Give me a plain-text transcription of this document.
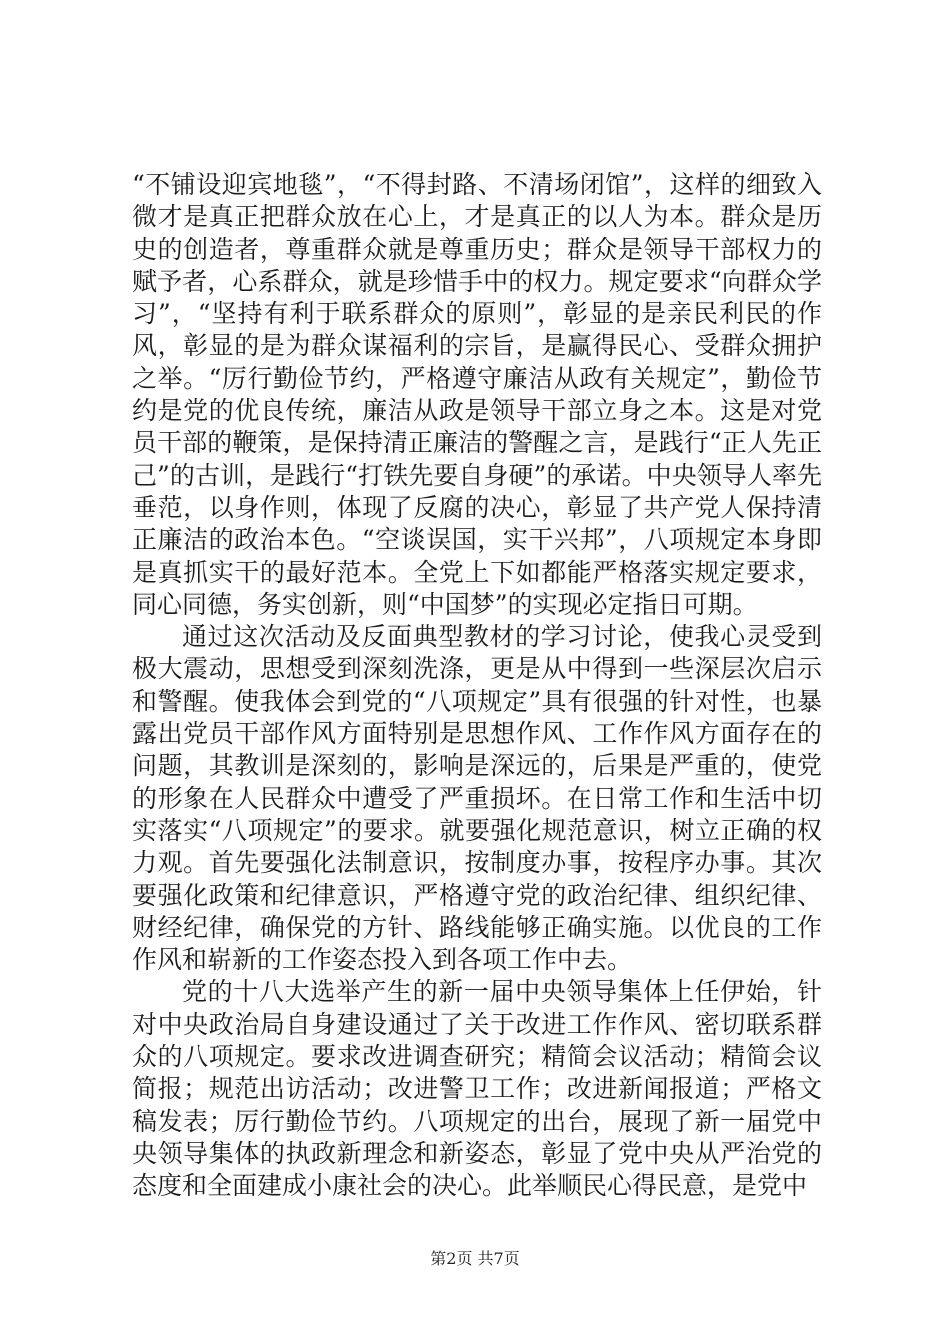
“不铺设迎宾地毯”，“不得封路、不清场闭馆”，这样的细致入微才是真正把群众放在心上，才是真正的以人为本。群众是历史的创造者，尊重群众就是尊重历史；群众是领导干部权力的赋予者，心系群众，就是珍惜手中的权力。规定要求“向群众学习”，“坚持有利于联系群众的原则”，彰显的是亲民利民的作风，彰显的是为群众谋福利的宗旨，是赢得民心、受群众拥护之举。“厉行勤俭节约，严格遵守廉洁从政有关规定”，勤俭节约是党的优良传统，廉洁从政是领导干部立身之本。这是对党员干部的鞭策，是保持清正廉洁的警醒之言，是践行“正人先正己”的古训，是践行“打铁先要自身硬”的承诺。中央领导人率先垂范，以身作则，体现了反腐的决心，彰显了共产党人保持清正廉洁的政治本色。“空谈误国，实干兴邦”，八项规定本身即是真抓实干的最好范本。全党上下如都能严格落实规定要求，同心同德，务实创新，则“中国梦”的实现必定指日可期。

通过这次活动及反面典型教材的学习讨论，使我心灵受到极大震动，思想受到深刻洗涤，更是从中得到一些深层次启示和警醒。使我体会到党的“八项规定”具有很强的针对性，也暴露出党员干部作风方面特别是思想作风、工作作风方面存在的问题，其教训是深刻的，影响是深远的，后果是严重的，使党的形象在人民群众中遭受了严重损坏。在日常工作和生活中切实落实“八项规定”的要求。就要强化规范意识，树立正确的权力观。首先要强化法制意识，按制度办事，按程序办事。其次要强化政策和纪律意识，严格遵守党的政治纪律、组织纪律、财经纪律，确保党的方针、路线能够正确实施。以优良的工作作风和崭新的工作姿态投入到各项工作中去。

党的十八大选举产生的新一届中央领导集体上任伊始，针对中央政治局自身建设通过了关于改进工作作风、密切联系群众的八项规定。要求改进调查研究；精简会议活动；精简会议简报；规范出访活动；改进警卫工作；改进新闻报道；严格文稿发表；厉行勤俭节约。八项规定的出台，展现了新一届党中央领导集体的执政新理念和新姿态，彰显了党中央从严治党的态度和全面建成小康社会的决心。此举顺民心得民意，是党中

第2页 共7页
